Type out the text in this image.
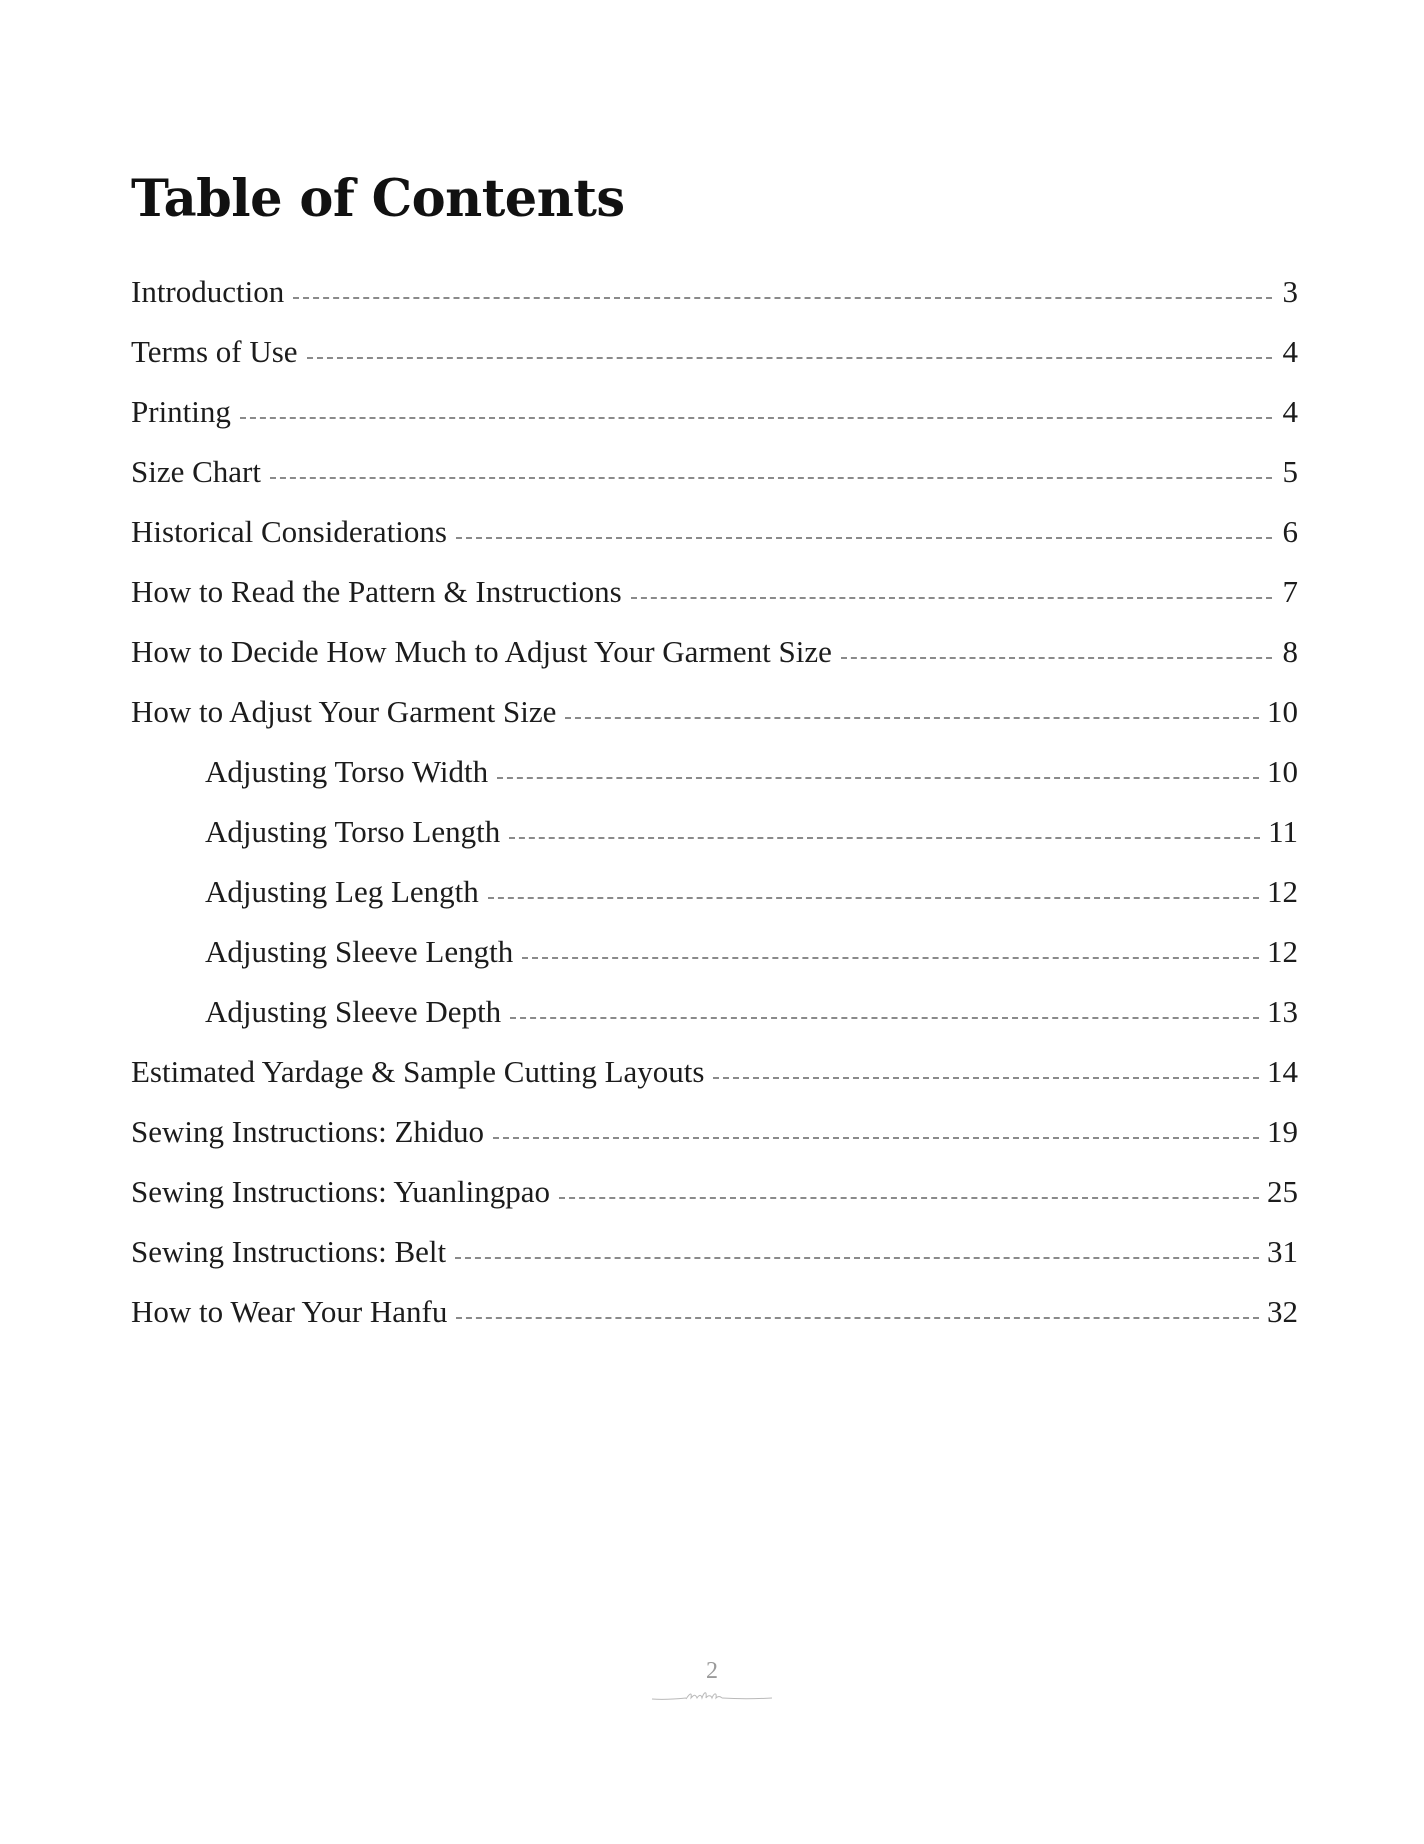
Table of Contents
Introduction	3
Terms of Use	4
Printing	4
Size Chart	5
Historical Considerations	6
How to Read the Pattern & Instructions	7
How to Decide How Much to Adjust Your Garment Size	8
How to Adjust Your Garment Size	10
Adjusting Torso Width	10
Adjusting Torso Length	11
Adjusting Leg Length	12
Adjusting Sleeve Length	12
Adjusting Sleeve Depth	13
Estimated Yardage & Sample Cutting Layouts	14
Sewing Instructions: Zhiduo	19
Sewing Instructions: Yuanlingpao	25
Sewing Instructions: Belt	31
How to Wear Your Hanfu	32
2
